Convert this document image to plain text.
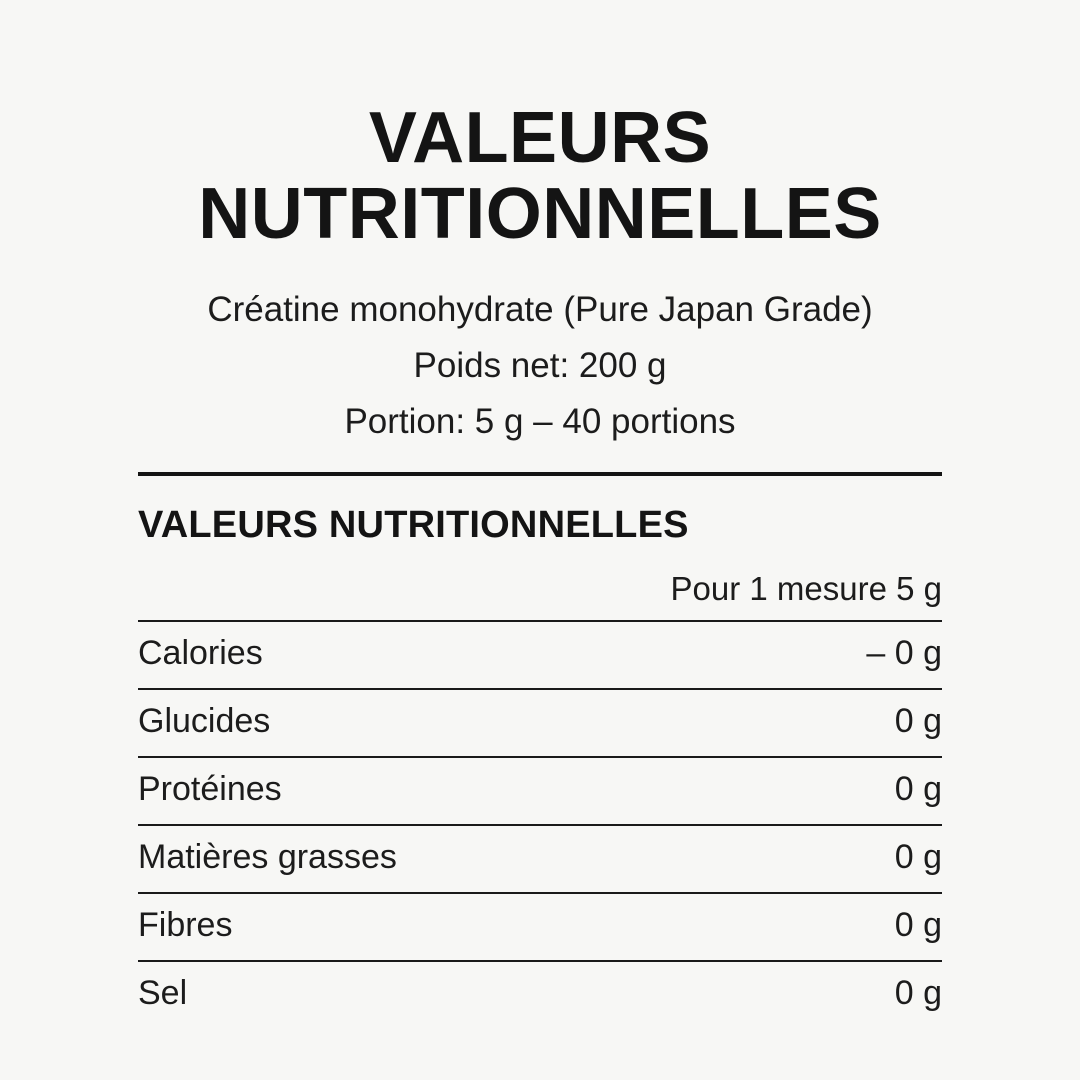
VALEURS
NUTRITIONNELLES
Créatine monohydrate (Pure Japan Grade)
Poids net: 200 g
Portion: 5 g – 40 portions
VALEURS NUTRITIONNELLES
Pour 1 mesure 5 g
Calories	– 0 g
Glucides	0 g
Protéines	0 g
Matières grasses	0 g
Fibres	0 g
Sel	0 g
